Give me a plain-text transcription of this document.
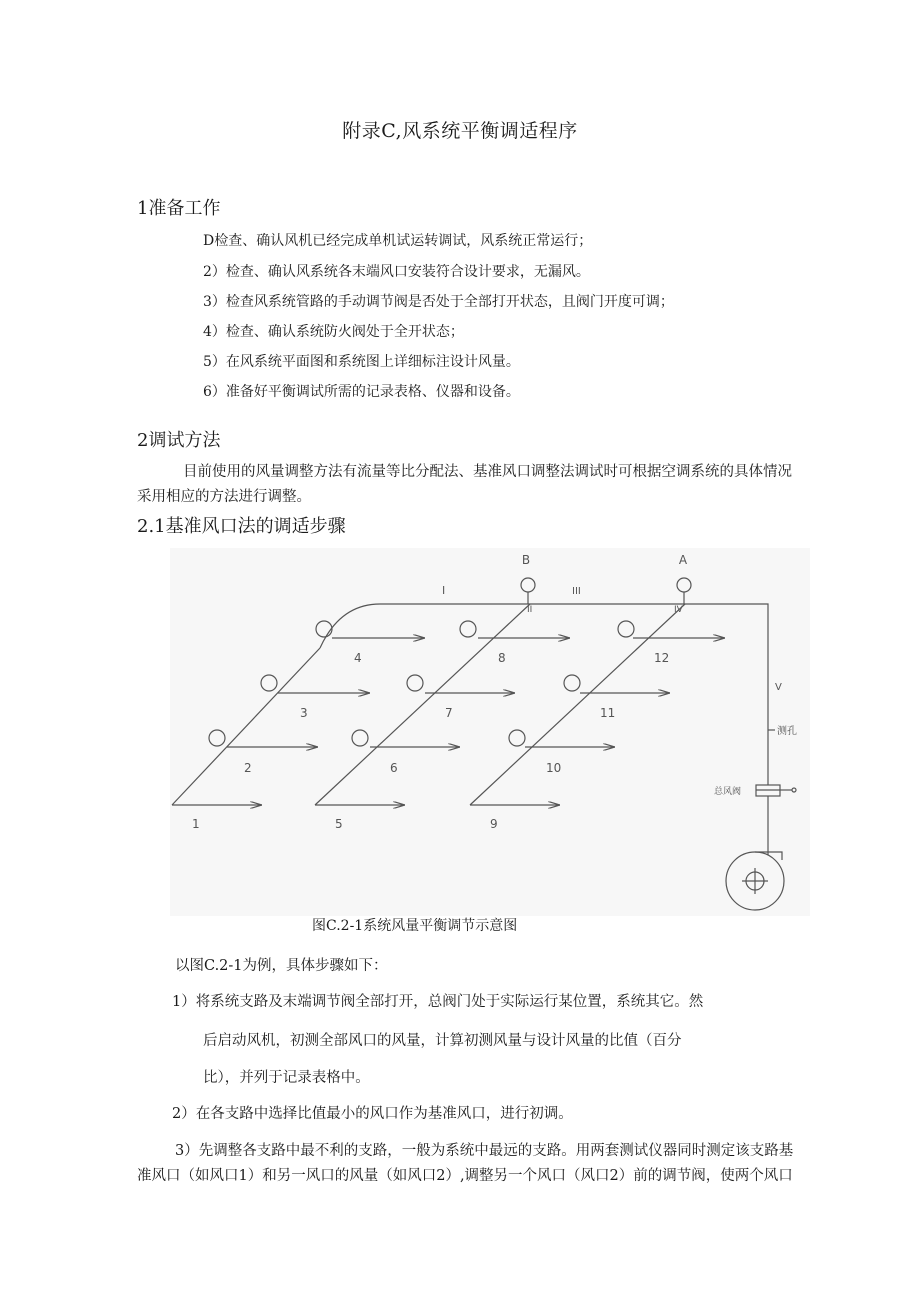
附录C,风系统平衡调适程序
1准备工作
D检查、确认风机已经完成单机试运转调试，风系统正常运行；
2）检查、确认风系统各末端风口安装符合设计要求，无漏风。
3）检查风系统管路的手动调节阀是否处于全部打开状态，且阀门开度可调；
4）检查、确认系统防火阀处于全开状态；
5）在风系统平面图和系统图上详细标注设计风量。
6）准备好平衡调试所需的记录表格、仪器和设备。
2调试方法
目前使用的风量调整方法有流量等比分配法、基准风口调整法调试时可根据空调系统的具体情况
采用相应的方法进行调整。
2.1基准风口法的调适步骤
B	A
I	III
II	IV
V
测孔
总风阀
1
2
3
4
5
6
7
8
9
10
11
12
图C.2-1系统风量平衡调节示意图
以图C.2-1为例，具体步骤如下：
1）将系统支路及末端调节阀全部打开，总阀门处于实际运行某位置，系统其它。然
后启动风机，初测全部风口的风量，计算初测风量与设计风量的比值（百分
比），并列于记录表格中。
2）在各支路中选择比值最小的风口作为基准风口，进行初调。
3）先调整各支路中最不利的支路，一般为系统中最远的支路。用两套测试仪器同时测定该支路基
准风口（如风口1）和另一风口的风量（如风口2）,调整另一个风口（风口2）前的调节阀，使两个风口
